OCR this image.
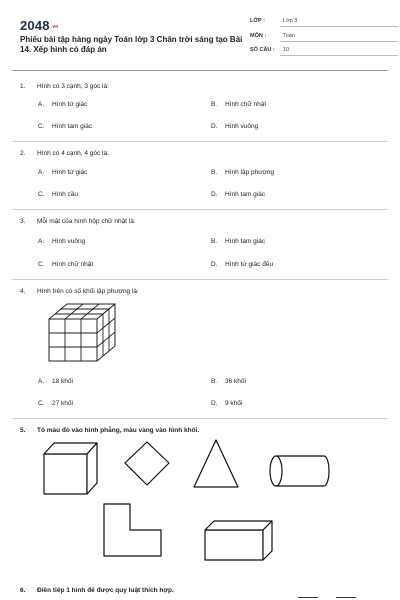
2048.vn
Phiếu bài tập hàng ngày Toán lớp 3 Chân trời sáng tạo Bài 14. Xếp hình có đáp án
LỚP :	Lớp 3
MÔN :	Toán
SỐ CÂU : 10
1. Hình có 3 cạnh, 3 góc là:
A. Hình tứ giác	B. Hình chữ nhật
C. Hình tam giác	D. Hình vuông
2. Hình có 4 cạnh, 4 góc là:
A. Hình tứ giác	B. Hình lập phương
C. Hình cầu	D. Hình tam giác
3. Mỗi mặt của hình hộp chữ nhật là:
A. Hình vuông	B. Hình tam giác
C. Hình chữ nhật	D. Hình tứ giác đều
4. Hình trên có số khối lập phương là:
A. 18 khối	B. 36 khối
C. 27 khối	D. 9 khối
5. Tô màu đỏ vào hình phẳng, màu vàng vào hình khối.
6. Điền tiếp 1 hình để được quy luật thích hợp.
